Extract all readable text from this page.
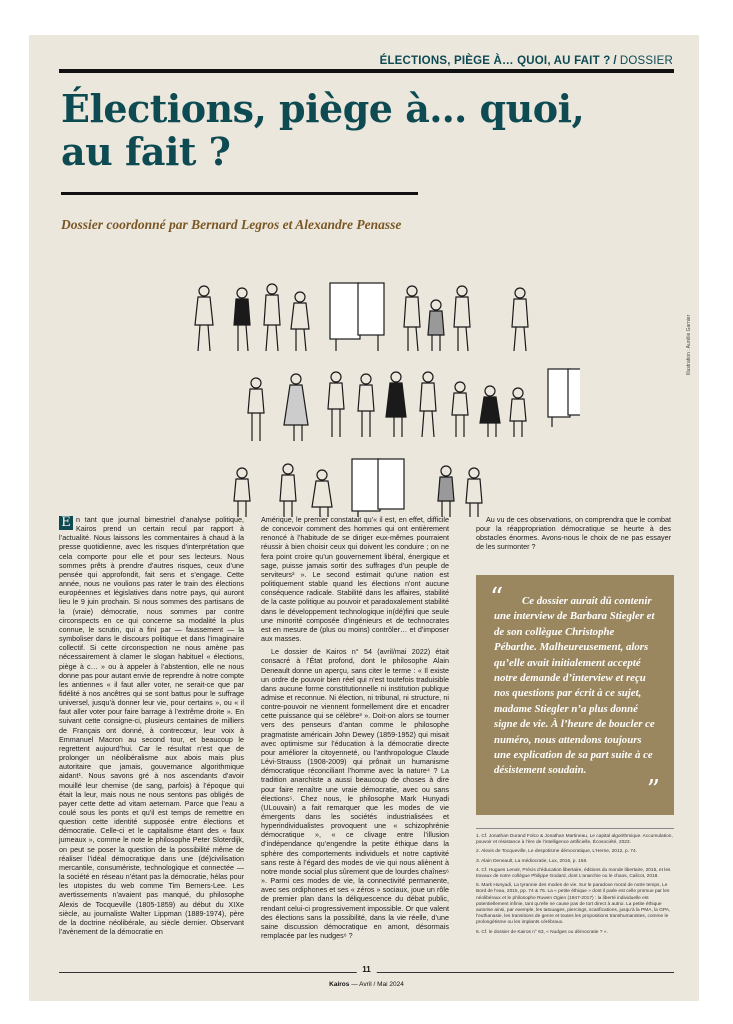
ÉLECTIONS, PIÈGE À… QUOI, AU FAIT ? / DOSSIER
Élections, piège à… quoi,
au fait ?
Dossier coordonné par Bernard Legros et Alexandre Penasse
Illustration : Aurélie Garnier

E n tant que journal bimestriel d’analyse politique, Kairos prend un certain recul par rapport à l’actualité. Nous laissons les commentaires à chaud à la presse quotidienne, avec les risques d’interprétation que cela comporte pour elle et pour ses lecteurs. Nous sommes prêts à prendre d’autres risques, ceux d’une pensée qui approfondit, fait sens et s’engage. Cette année, nous ne voulions pas rater le train des élections européennes et législatives dans notre pays, qui auront lieu le 9 juin prochain. Si nous sommes des partisans de la (vraie) démocratie, nous sommes par contre circonspects en ce qui concerne sa modalité la plus connue, le scrutin, qui a fini par — faussement — la symboliser dans le discours politique et dans l’imaginaire collectif. Si cette circonspection ne nous amène pas nécessairement à clamer le slogan habituel « élections, piège à c… » ou à appeler à l’abstention, elle ne nous donne pas pour autant envie de reprendre à notre compte les antiennes « il faut aller voter, ne serait-ce que par fidélité à nos ancêtres qui se sont battus pour le suffrage universel, jusqu’à donner leur vie, pour certains », ou « il faut aller voter pour faire barrage à l’extrême droite ». En suivant cette consigne-ci, plusieurs centaines de milliers de Français ont donné, à contrecœur, leur voix à Emmanuel Macron au second tour, et beaucoup le regrettent aujourd’hui. Car le résultat n’est que de prolonger un néolibéralisme aux abois mais plus autoritaire que jamais, gouvernance algorithmique aidant¹. Nous savons gré à nos ascendants d’avoir mouillé leur chemise (de sang, parfois) à l’époque qui était la leur, mais nous ne nous sentons pas obligés de payer cette dette ad vitam aeternam. Parce que l’eau a coulé sous les ponts et qu’il est temps de remettre en question cette identité supposée entre élections et démocratie. Celle-ci et le capitalisme étant des « faux jumeaux », comme le note le philosophe Peter Sloterdijk, on peut se poser la question de la possibilité même de réaliser l’idéal démocratique dans une (dé)civilisation mercantile, consumériste, technologique et connectée — la société en réseau n’étant pas la démocratie, hélas pour les utopistes du web comme Tim Berners-Lee. Les avertissements n’avaient pas manqué, du philosophe Alexis de Tocqueville (1805-1859) au début du XIXe siècle, au journaliste Walter Lippman (1889-1974), père de la doctrine néolibérale, au siècle dernier. Observant l’avènement de la démocratie en

Amérique, le premier constatait qu’« il est, en effet, difficile de concevoir comment des hommes qui ont entièrement renoncé à l’habitude de se diriger eux-mêmes pourraient réussir à bien choisir ceux qui doivent les conduire ; on ne fera point croire qu’un gouvernement libéral, énergique et sage, puisse jamais sortir des suffrages d’un peuple de serviteurs² ». Le second estimait qu’une nation est politiquement stable quand les élections n’ont aucune conséquence radicale. Stabilité dans les affaires, stabilité de la caste politique au pouvoir et paradoxalement stabilité dans le développement technologique in(dé)fini que seule une minorité composée d’ingénieurs et de technocrates est en mesure de (plus ou moins) contrôler… et d’imposer aux masses.

Le dossier de Kairos n° 54 (avril/mai 2022) était consacré à l’État profond, dont le philosophe Alain Deneault donne un aperçu, sans citer le terme : « Il existe un ordre de pouvoir bien réel qui n’est toutefois traduisible dans aucune forme constitutionnelle ni institution publique admise et reconnue. Ni élection, ni tribunal, ni structure, ni contre-pouvoir ne viennent formellement dire et encadrer cette puissance qui se célèbre³ ». Doit-on alors se tourner vers des penseurs d’antan comme le philosophe pragmatiste américain John Dewey (1859-1952) qui misait avec optimisme sur l’éducation à la démocratie directe pour améliorer la citoyenneté, ou l’anthropologue Claude Lévi-Strauss (1908-2009) qui prônait un humanisme démocratique réconciliant l’homme avec la nature⁴ ? La tradition anarchiste a aussi beaucoup de choses à dire pour faire renaître une vraie démocratie, avec ou sans élections⁵. Chez nous, le philosophe Mark Hunyadi (ULouvain) a fait remarquer que les modes de vie émergents dans les sociétés industrialisées et hyperindividualistes provoquent une « schizophrénie démocratique », « ce clivage entre l’illusion d’indépendance qu’engendre la petite éthique dans la sphère des comportements individuels et notre captivité sans reste à l’égard des modes de vie qui nous aliènent à notre monde social plus sûrement que de lourdes chaînes⁶ ». Parmi ces modes de vie, la connectivité permanente, avec ses ordiphones et ses « zéros » sociaux, joue un rôle de premier plan dans la déliquescence du débat public, rendant celui-ci progressivement impossible. Or que valent des élections sans la possibilité, dans la vie réelle, d’une saine discussion démocratique en amont, désormais remplacée par les nudges⁶ ?

Au vu de ces observations, on comprendra que le combat pour la réappropriation démocratique se heurte à des obstacles énormes. Avons-nous le choix de ne pas essayer de les surmonter ?

“	Ce dossier aurait dû contenir une interview de Barbara Stiegler et de son collègue Christophe Pébarthe. Malheureusement, alors qu’elle avait initialement accepté notre demande d’interview et reçu nos questions par écrit à ce sujet, madame Stiegler n’a plus donné signe de vie. À l’heure de boucler ce numéro, nous attendons toujours une explication de sa part suite à ce désistement soudain.
”
1. Cf. Jonathan Durand Folco & Jonathan Martineau, Le capital algorithmique. Accumulation, pouvoir et résistance à l’ère de l’intelligence artificielle, Écosociété, 2023.
2. Alexis de Tocqueville, Le despotisme démocratique, L’Herne, 2012, p. 74.
3. Alain Deneault, La médiocratie, Lux, 2016, p. 158.
4. Cf. Hugues Lenoir, Précis d’éducation libertaire, éditions du monde libertaire, 2015, et les travaux de notre collègue Philippe Godard, dont L’anarchie ou le chaos, Calicot, 2018.
5. Mark Hunyadi, La tyrannie des modes de vie. Sur le paradoxe moral de notre temps, Le Bord de l’eau, 2015, pp. 74 & 75. La « petite éthique » dont il parle est celle promue par les néolibéraux et le philosophe Ruwen Ogien (1947-2017) : la liberté individuelle est potentiellement infinie, tant qu’elle ne cause pas de tort direct à autrui. La petite éthique autorise ainsi, par exemple, les tatouages, piercings, scarifications, jusqu’à la PMA, la GPA, l’euthanasie, les transitions de genre et toutes les propositions transhumanistes, comme le prolongétisme ou les implants cérébraux.
6. Cf. le dossier de Kairos n° 63, « Nudges ou démocratie ? ».
11
Kairos — Avril / Mai 2024
